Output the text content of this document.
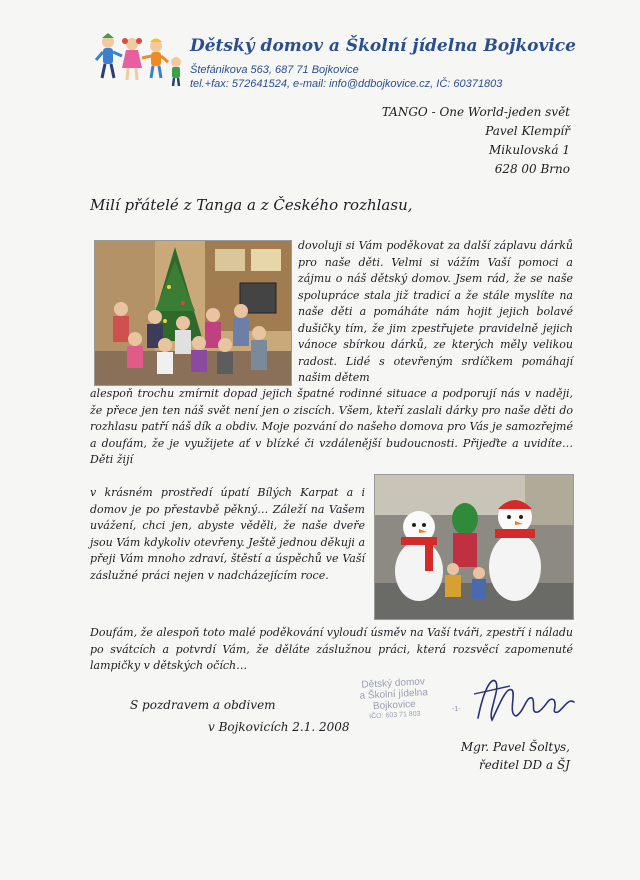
Dětský domov a Školní jídelna Bojkovice
Štefánikova 563, 687 71 Bojkovice
tel.+fax: 572641524, e-mail: info@ddbojkovice.cz, IČ: 60371803
TANGO - One World-jeden svět
Pavel Klempíř
Mikulovská 1
628 00 Brno
Milí přátelé z Tanga a z Českého rozhlasu,
dovoluji si Vám poděkovat za další záplavu dárků pro naše děti. Velmi si vážím Vaší pomoci a zájmu o náš dětský domov. Jsem rád, že se naše spolupráce stala již tradicí a že stále myslíte na naše děti a pomáháte nám hojit jejich bolavé dušičky tím, že jim zpestřujete pravidelně jejich vánoce sbírkou dárků, ze kterých měly velikou radost. Lidé s otevřeným srdíčkem pomáhají našim dětem
alespoň trochu zmírnit dopad jejich špatné rodinné situace a podporují nás v naději, že přece jen ten náš svět není jen o ziscích. Všem, kteří zaslali dárky pro naše děti do rozhlasu patří náš dík a obdiv. Moje pozvání do našeho domova pro Vás je samozřejmé a doufám, že je využijete ať v blízké či vzdálenější budoucnosti. Přijeďte a uvidíte… Děti žijí
v krásném prostředí úpatí Bílých Karpat a i domov je po přestavbě pěkný… Záleží na Vašem uvážení, chci jen, abyste věděli, že naše dveře jsou Vám kdykoliv otevřeny. Ještě jednou děkuji a přeji Vám mnoho zdraví, štěstí a úspěchů ve Vaší záslužné práci nejen v nadcházejícím roce.
Doufám, že alespoň toto malé poděkování vyloudí úsměv na Vaší tváři, zpestří i náladu po svátcích a potvrdí Vám, že děláte záslužnou práci, která rozsvěcí zapomenuté lampičky v dětských očích…
S pozdravem a obdivem
v Bojkovicích 2.1. 2008
Dětský domov
a Školní jídelna
Bojkovice
IČO: 603 71 803
-1-
Mgr. Pavel Šoltys,
ředitel DD a ŠJ
